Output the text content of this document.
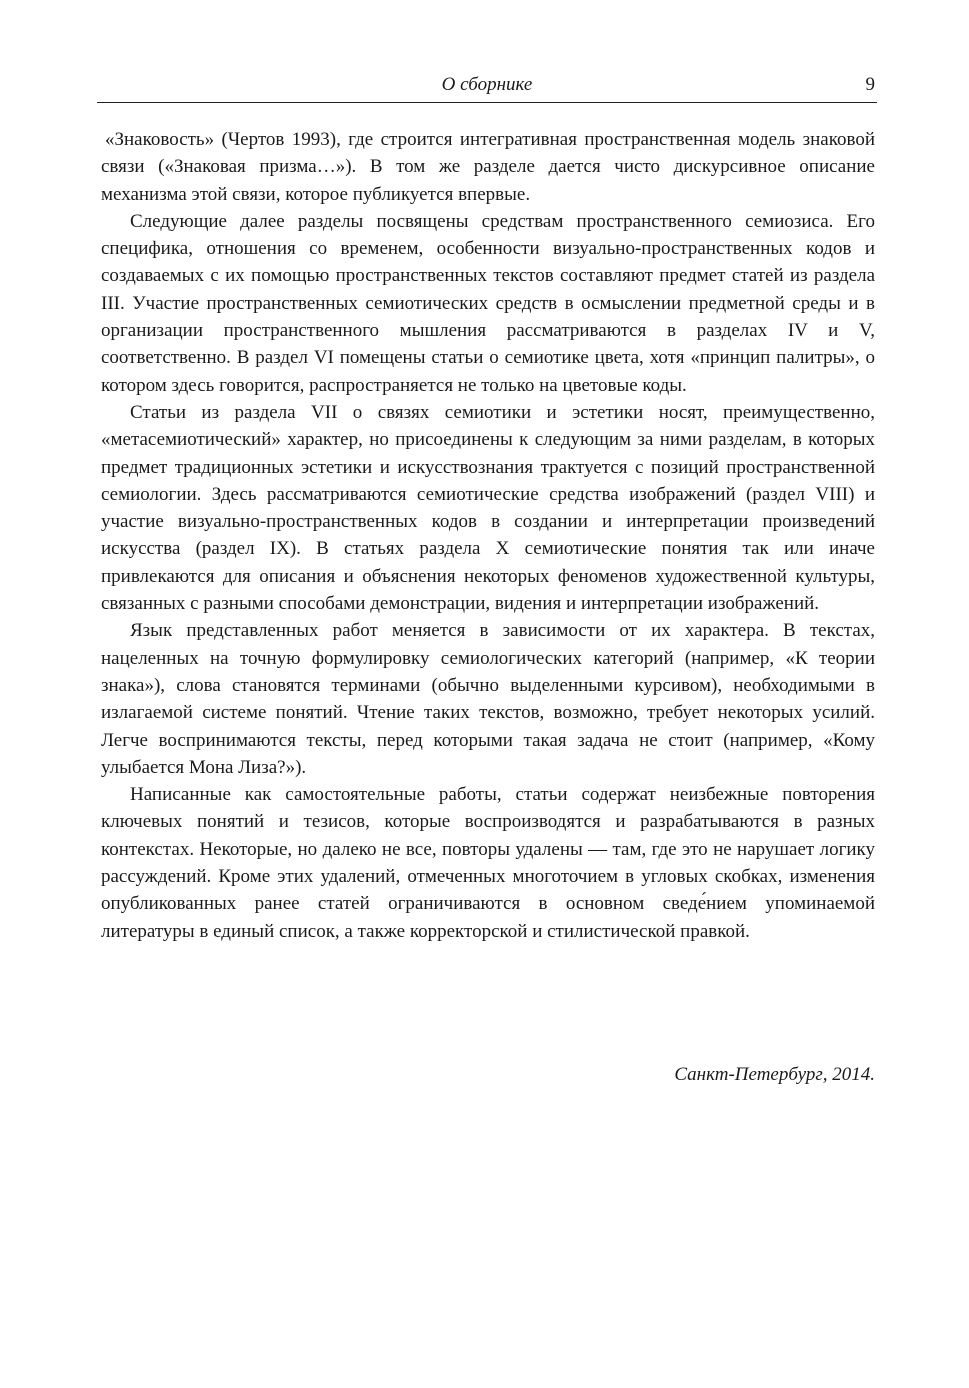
О сборнике	9

«Знаковость» (Чертов 1993), где строится интегративная пространственная модель знаковой связи («Знаковая призма…»). В том же разделе дается чисто дискурсивное описание механизма этой связи, которое публикуется впервые.

Следующие далее разделы посвящены средствам пространственного семиозиса. Его специфика, отношения со временем, особенности визуально-пространственных кодов и создаваемых с их помощью пространственных текстов составляют предмет статей из раздела III. Участие пространственных семиотических средств в осмыслении предметной среды и в организации пространственного мышления рассматриваются в разделах IV и V, соответственно. В раздел VI помещены статьи о семиотике цвета, хотя «принцип палитры», о котором здесь говорится, распространяется не только на цветовые коды.

Статьи из раздела VII о связях семиотики и эстетики носят, преимущественно, «метасемиотический» характер, но присоединены к следующим за ними разделам, в которых предмет традиционных эстетики и искусствознания трактуется с позиций пространственной семиологии. Здесь рассматриваются семиотические средства изображений (раздел VIII) и участие визуально-пространственных кодов в создании и интерпретации произведений искусства (раздел IX). В статьях раздела X семиотические понятия так или иначе привлекаются для описания и объяснения некоторых феноменов художественной культуры, связанных с разными способами демонстрации, видения и интерпретации изображений.

Язык представленных работ меняется в зависимости от их характера. В текстах, нацеленных на точную формулировку семиологических категорий (например, «К теории знака»), слова становятся терминами (обычно выделенными курсивом), необходимыми в излагаемой системе понятий. Чтение таких текстов, возможно, требует некоторых усилий. Легче воспринимаются тексты, перед которыми такая задача не стоит (например, «Кому улыбается Мона Лиза?»).

Написанные как самостоятельные работы, статьи содержат неизбежные повторения ключевых понятий и тезисов, которые воспроизводятся и разрабатываются в разных контекстах. Некоторые, но далеко не все, повторы удалены — там, где это не нарушает логику рассуждений. Кроме этих удалений, отмеченных многоточием в угловых скобках, изменения опубликованных ранее статей ограничиваются в основном сведе́нием упоминаемой литературы в единый список, а также корректорской и стилистической правкой.

Санкт-Петербург, 2014.
